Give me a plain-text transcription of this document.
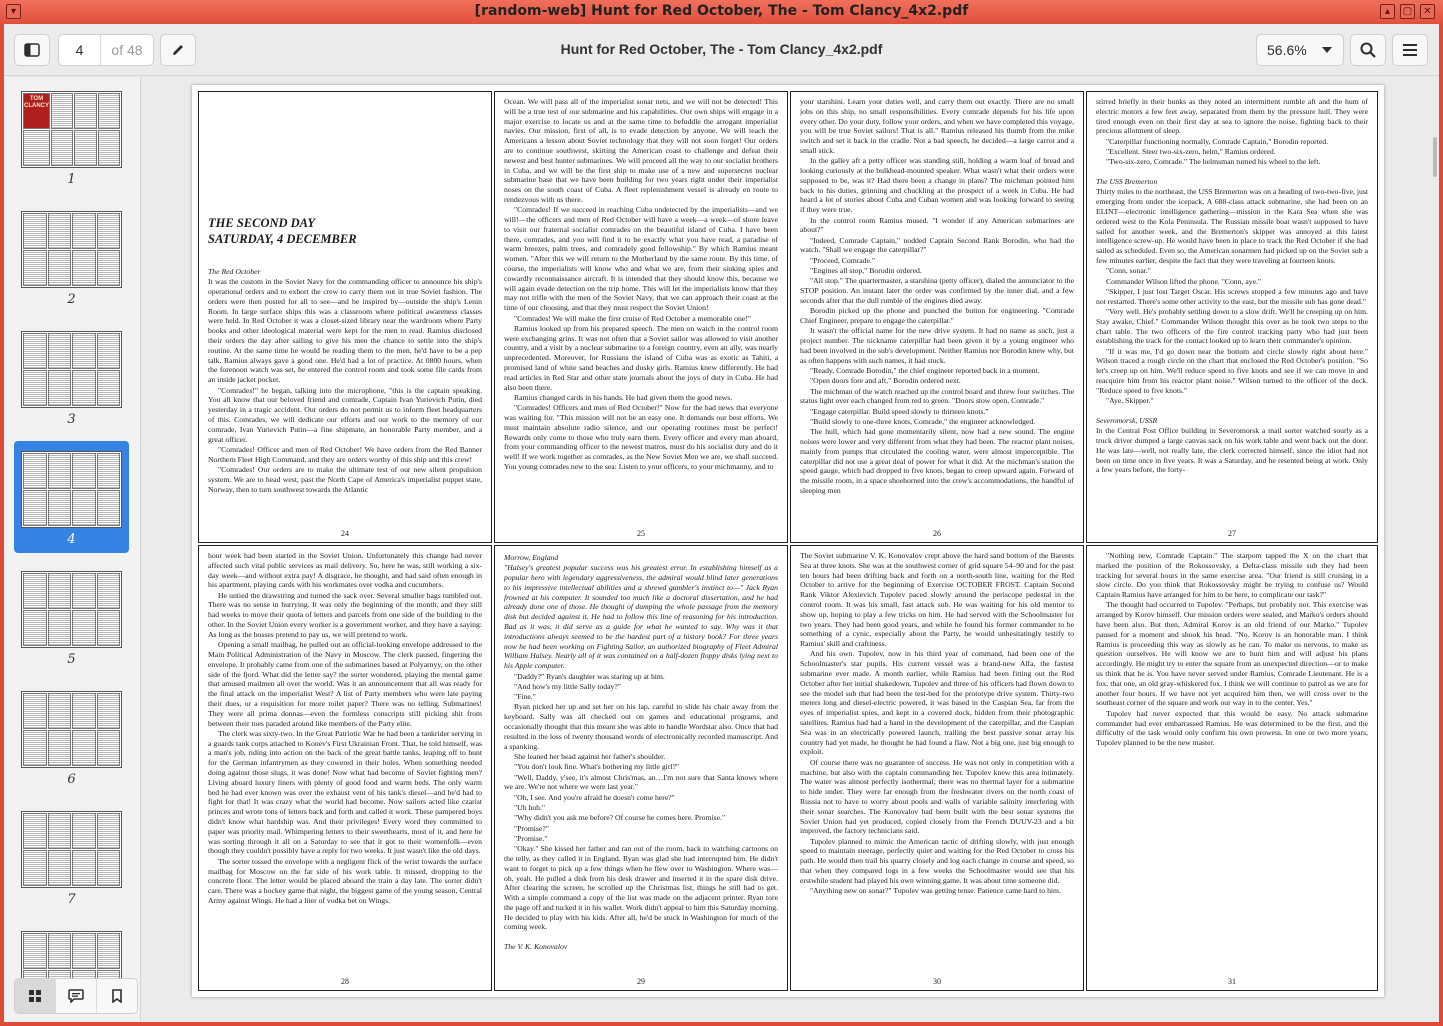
▾	[random-web] Hunt for Red October, The - Tom Clancy_4x2.pdf	▴	▢	✕
4	of 48	Hunt for Red October, The - Tom Clancy_4x2.pdf	56.6%
TOM
CLANCY
1
2
3
4
5
6
7
THE SECOND DAY
SATURDAY, 4 DECEMBER

The Red October

It was the custom in the Soviet Navy for the commanding officer to announce his ship's operational orders and to exhort the crew to carry them out in true Soviet fashion. The orders were then posted for all to see—and be inspired by—outside the ship's Lenin Room. In large surface ships this was a classroom where political awareness classes were held. In Red October it was a closet-sized library near the wardroom where Party books and other ideological material were kept for the men to read. Ramius disclosed their orders the day after sailing to give his men the chance to settle into the ship's routine. At the same time he would be reading them to the men, he'd have to be a pep talk. Ramius always gave a good one. He'd had a lot of practice. At 0800 hours, when the forenoon watch was set, he entered the control room and took some file cards from an inside jacket pocket.

"Comrades!" he began, talking into the microphone, "this is the captain speaking. You all know that our beloved friend and comrade, Captain Ivan Yurievich Putin, died yesterday in a tragic accident. Our orders do not permit us to inform fleet headquarters of this. Comrades, we will dedicate our efforts and our work to the memory of our comrade, Ivan Yurievich Putin—a fine shipmate, an honorable Party member, and a great officer.

"Comrades! Officer and men of Red October! We have orders from the Red Banner Northern Fleet High Command, and they are orders worthy of this ship and this crew!

"Comrades! Our orders are to make the ultimate test of our new silent propulsion system. We are to head west, past the North Cape of America's imperialist puppet state, Norway, then to turn southwest towards the Atlantic

24

Ocean. We will pass all of the imperialist sonar nets, and we will not be detected! This will be a true test of our submarine and his capabilities. Our own ships will engage in a major exercise to locate us and at the same time to befuddle the arrogant imperialist navies. Our mission, first of all, is to evade detection by anyone. We will teach the Americans a lesson about Soviet technology that they will not soon forget! Our orders are to continue southwest, skirting the American coast to challenge and defeat their newest and best hunter submarines. We will proceed all the way to our socialist brothers in Cuba, and we will be the first ship to make use of a new and supersecret nuclear submarine base that we have been building for two years right under their imperialist noses on the south coast of Cuba. A fleet replenishment vessel is already en route to rendezvous with us there.

"Comrades! If we succeed in reaching Cuba undetected by the imperialists—and we will!—the officers and men of Red October will have a week—a week—of shore leave to visit our fraternal socialist comrades on the beautiful island of Cuba. I have been there, comrades, and you will find it to be exactly what you have read, a paradise of warm breezes, palm trees, and comradely good fellowship." By which Ramius meant women. "After this we will return to the Motherland by the same route. By this time, of course, the imperialists will know who and what we are, from their sinking spies and cowardly reconnaissance aircraft. It is intended that they should know this, because we will again evade detection on the trip home. This will let the imperialists know that they may not trifle with the men of the Soviet Navy, that we can approach their coast at the time of our choosing, and that they must respect the Soviet Union!

"Comrades! We will make the first cruise of Red October a memorable one!"

Ramius looked up from his prepared speech. The men on watch in the control room were exchanging grins. It was not often that a Soviet sailor was allowed to visit another country, and a visit by a nuclear submarine to a foreign country, even an ally, was nearly unprecedented. Moreover, for Russians the island of Cuba was as exotic as Tahiti, a promised land of white sand beaches and dusky girls. Ramius knew differently. He had read articles in Red Star and other state journals about the joys of duty in Cuba. He had also been there.

Ramius changed cards in his hands. He had given them the good news.

"Comrades! Officers and men of Red October!" Now for the bad news that everyone was waiting for. "This mission will not be an easy one. It demands our best efforts. We must maintain absolute radio silence, and our operating routines must be perfect! Rewards only come to those who truly earn them. Every officer and every man aboard, from your commanding officer to the newest matros, must do his socialist duty and do it well! If we work together as comrades, as the New Soviet Men we are, we shall succeed. You young comrades new to the sea: Listen to your officers, to your michmanny, and to

25

your starshini. Learn your duties well, and carry them out exactly. There are no small jobs on this ship, no small responsibilities. Every comrade depends for his life upon every other. Do your duty, follow your orders, and when we have completed this voyage, you will be true Soviet sailors! That is all." Ramius released his thumb from the mike switch and set it back in the cradle. Not a bad speech, he decided—a large carrot and a small stick.

In the galley aft a petty officer was standing still, holding a warm loaf of bread and looking curiously at the bulkhead-mounted speaker. What wasn't what their orders were supposed to be, was it? Had there been a change in plans? The michman pointed him back to his duties, grinning and chuckling at the prospect of a week in Cuba. He had heard a lot of stories about Cuba and Cuban women and was looking forward to seeing if they were true.

In the control room Ramius mused. "I wonder if any American submarines are about?"

"Indeed, Comrade Captain," nodded Captain Second Rank Borodin, who had the watch. "Shall we engage the caterpillar?"

"Proceed, Comrade."

"Engines all stop," Borodin ordered.

"All stop." The quartermaster, a starshina (petty officer), dialed the annunciator to the STOP position. An instant later the order was confirmed by the inner dial, and a few seconds after that the dull rumble of the engines died away.

Borodin picked up the phone and punched the button for engineering. "Comrade Chief Engineer, prepare to engage the caterpillar."

It wasn't the official name for the new drive system. It had no name as such, just a project number. The nickname caterpillar had been given it by a young engineer who had been involved in the sub's development. Neither Ramius nor Borodin knew why, but as often happens with such names, it had stuck.

"Ready, Comrade Borodin," the chief engineer reported back in a moment.

"Open doors fore and aft," Borodin ordered next.

The michman of the watch reached up the control board and threw four switches. The status light over each changed from red to green. "Doors stow open, Comrade."

"Engage caterpillar. Build speed slowly to thirteen knots."

"Build slowly to one-three knots, Comrade," the engineer acknowledged.

The hull, which had gone momentarily silent, now had a new sound. The engine noises were lower and very different from what they had been. The reactor plant noises, mainly from pumps that circulated the cooling water, were almost imperceptible. The caterpillar did not use a great deal of power for what it did. At the michman's station the speed gauge, which had dropped to five knots, began to creep upward again. Forward of the missile room, in a space shoehorned into the crew's accommodations, the handful of sleeping men

26

stirred briefly in their bunks as they noted an intermittent rumble aft and the hum of electric motors a few feet away, separated from them by the pressure hull. They were tired enough even on their first day at sea to ignore the noise, fighting back to their precious allotment of sleep.

"Caterpillar functioning normally, Comrade Captain," Borodin reported.

"Excellent. Steer two-six-zero, helm," Ramius ordered.

"Two-six-zero, Comrade." The helmsman turned his wheel to the left.

The USS Bremerton

Thirty miles to the northeast, the USS Bremerton was on a heading of two-two-five, just emerging from under the icepack. A 688-class attack submarine, she had been on an ELINT—electronic intelligence gathering—mission in the Kara Sea when she was ordered west to the Kola Peninsula. The Russian missile boat wasn't supposed to have sailed for another week, and the Bremerton's skipper was annoyed at this latest intelligence screw-up. He would have been in place to track the Red October if she had sailed as scheduled. Even so, the American sonarmen had picked up on the Soviet sub a few minutes earlier, despite the fact that they were traveling at fourteen knots.

"Conn, sonar."

Commander Wilson lifted the phone. "Conn, aye."

"Skipper, I just lost Target Oscar. His screws stopped a few minutes ago and have not restarted. There's some other activity to the east, but the missile sub has gone dead."

"Very well. He's probably settling down to a slow drift. We'll be creeping up on him. Stay awake, Chief." Commander Wilson thought this over as he took two steps to the chart table. The two officers of the fire control tracking party who had just been establishing the track for the contact looked up to learn their commander's opinion.

"If it was me, I'd go down near the bottom and circle slowly right about here." Wilson traced a rough circle on the chart that enclosed the Red October's position. "So let's creep up on him. We'll reduce speed to five knots and see if we can move in and reacquire him from his reactor plant noise." Wilson turned to the officer of the deck. "Reduce speed to five knots."

"Aye, Skipper."

Severomorsk, USSR

In the Central Post Office building in Severomorsk a mail sorter watched sourly as a truck driver dumped a large canvas sack on his work table and went back out the door. He was late—well, not really late, the clerk corrected himself, since the idiot had not been on time once in five years. It was a Saturday, and he resented being at work. Only a few years before, the forty-

27

hour week had been started in the Soviet Union. Unfortunately this change had never affected such vital public services as mail delivery. So, here he was, still working a six-day week—and without extra pay! A disgrace, he thought, and had said often enough in his apartment, playing cards with his workmates over vodka and cucumbers.

He untied the drawstring and turned the sack over. Several smaller bags tumbled out. There was no sense in hurrying. It was only the beginning of the month, and they still had weeks to move their quota of letters and parcels from one side of the building to the other. In the Soviet Union every worker is a government worker, and they have a saying: As long as the bosses pretend to pay us, we will pretend to work.

Opening a small mailbag, he pulled out an official-looking envelope addressed to the Main Political Administration of the Navy in Moscow. The clerk paused, fingering the envelope. It probably came from one of the submarines based at Polyarnyy, on the other side of the fjord. What did the letter say? the sorter wondered, playing the mental game that amused mailmen all over the world. Was it an announcement that all was ready for the final attack on the imperialist West? A list of Party members who were late paying their dues, or a requisition for more toilet paper? There was no telling. Submarines! They were all prima donnas—even the formless conscripts still picking shit from between their toes paraded around like members of the Party elite.

The clerk was sixty-two. In the Great Patriotic War he had been a tankrider serving in a guards tank corps attached to Konev's First Ukrainian Front. That, he told himself, was a man's job, riding into action on the back of the great battle tanks, leaping off to hunt for the German infantrymen as they cowered in their holes. When something needed doing against those slugs, it was done! Now what had become of Soviet fighting men? Living aboard luxury liners with plenty of good food and warm beds. The only warm bed he had ever known was over the exhaust vent of his tank's diesel—and he'd had to fight for that! It was crazy what the world had become. Now sailors acted like czarist princes and wrote tons of letters back and forth and called it work. These pampered boys didn't know what hardship was. And their privileges! Every word they committed to paper was priority mail. Whimpering letters to their sweethearts, most of it, and here he was sorting through it all on a Saturday to see that it got to their womenfolk—even though they couldn't possibly have a reply for two weeks. It just wasn't like the old days.

The sorter tossed the envelope with a negligent flick of the wrist towards the surface mailbag for Moscow on the far side of his work table. It missed, dropping to the concrete floor. The letter would be placed aboard the train a day late. The sorter didn't care. There was a hockey game that night, the biggest game of the young season, Central Army against Wings. He had a liter of vodka bet on Wings.

28

Morrow, England

"Halsey's greatest popular success was his greatest error. In establishing himself as a popular hero with legendary aggressiveness, the admiral would blind later generations to his impressive intellectual abilities and a shrewd gambler's instinct to—" Jack Ryan frowned at his computer. It sounded too much like a doctoral dissertation, and he had already done one of those. He thought of dumping the whole passage from the memory disk but decided against it. He had to follow this line of reasoning for his introduction. Bad as it was, it did serve as a guide for what he wanted to say. Why was it that introductions always seemed to be the hardest part of a history book? For three years now he had been working on Fighting Sailor, an authorized biography of Fleet Admiral William Halsey. Nearly all of it was contained on a half-dozen floppy disks lying next to his Apple computer.

"Daddy?" Ryan's daughter was staring up at him.

"And how's my little Sally today?"

"Fine."

Ryan picked her up and set her on his lap, careful to slide his chair away from the keyboard. Sally was all checked out on games and educational programs, and occasionally thought that this meant she was able to handle Wordstar also. Once that had resulted in the loss of twenty thousand words of electronically recorded manuscript. And a spanking.

She leaned her head against her father's shoulder.

"You don't look fine. What's bothering my little girl?"

"Well, Daddy, y'see, it's almost Chris'mas, an…I'm not sure that Santa knows where we are. We're not where we were last year."

"Oh, I see. And you're afraid he doesn't come here?"

"Uh huh."

"Why didn't you ask me before? Of course he comes here. Promise."

"Promise?"

"Promise."

"Okay." She kissed her father and ran out of the room, back to watching cartoons on the telly, as they called it in England. Ryan was glad she had interrupted him. He didn't want to forget to pick up a few things when he flew over to Washington. Where was—oh, yeah. He pulled a disk from his desk drawer and inserted it in the spare disk drive. After clearing the screen, he scrolled up the Christmas list, things he still had to get. With a simple command a copy of the list was made on the adjacent printer. Ryan tore the page off and tucked it in his wallet. Work didn't appeal to him this Saturday morning. He decided to play with his kids. After all, he'd be stuck in Washington for much of the coming week.

The V. K. Konovalov

29

The Soviet submarine V. K. Konovalov crept above the hard sand bottom of the Barents Sea at three knots. She was at the southwest corner of grid square 54–90 and for the past ten hours had been drifting back and forth on a north-south line, waiting for the Red October to arrive for the beginning of Exercise OCTOBER FROST. Captain Second Rank Viktor Alexievich Tupolev paced slowly around the periscope pedestal in the control room. It was his small, fast attack sub. He was waiting for his old mentor to show up, hoping to play a few tricks on him. He had served with the Schoolmaster for two years. They had been good years, and while he found his former commander to be something of a cynic, especially about the Party, he would unhesitatingly testify to Ramius' skill and craftiness.

And his own. Tupolev, now in his third year of command, had been one of the Schoolmaster's star pupils. His current vessel was a brand-new Alfa, the fastest submarine ever made. A month earlier, while Ramius had been fitting out the Red October after her initial shakedown, Tupolev and three of his officers had flown down to see the model sub that had been the test-bed for the prototype drive system. Thirty-two meters long and diesel-electric powered, it was based in the Caspian Sea, far from the eyes of imperialist spies, and kept in a covered dock, hidden from their photographic satellites. Ramius had had a hand in the development of the caterpillar, and the Caspian Sea was in an electrically powered launch, trailing the best passive sonar array his country had yet made, he thought he had found a flaw. Not a big one, just big enough to exploit.

Of course there was no guarantee of success. He was not only in competition with a machine, but also with the captain commanding her. Tupolev knew this area intimately. The water was almost perfectly isothermal; there was no thermal layer for a submarine to hide under. They were far enough from the freshwater rivers on the north coast of Russia not to have to worry about pools and walls of variable salinity interfering with their sonar searches. The Konovalov had been built with the best sonar systems the Soviet Union had yet produced, copied closely from the French DUUV-23 and a bit improved, the factory technicians said.

Tupolev planned to mimic the American tactic of drifting slowly, with just enough speed to maintain steerage, perfectly quiet and waiting for the Red October to cross his path. He would then trail his quarry closely and log each change in course and speed, so that when they compared logs in a few weeks the Schoolmaster would see that his erstwhile student had played his own winning game. It was about time someone did.

"Anything new on sonar?" Tupolev was getting tense. Patience came hard to him.

30

"Nothing new, Comrade Captain." The starpom tapped the X on the chart that marked the position of the Rokossovsky, a Delta-class missile sub they had been tracking for several hours in the same exercise area. "Our friend is still cruising in a slow circle. Do you think that Rokossovsky might be trying to confuse us? Would Captain Ramius have arranged for him to be here, to complicate our task?"

The thought had occurred to Tupolev. "Perhaps, but probably not. This exercise was arranged by Korov himself. Our mission orders were sealed, and Marko's orders should have been also. But then, Admiral Korov is an old friend of our Marko." Tupolev paused for a moment and shook his head. "No. Korov is an honorable man. I think Ramius is proceeding this way as slowly as he can. To make us nervous, to make us question ourselves. He will know we are to hunt him and will adjust his plans accordingly. He might try to enter the square from an unexpected direction—or to make us think that he is. You have never served under Ramius, Comrade Lieutenant. He is a fox, that one, an old gray-whiskered fox. I think we will continue to patrol as we are for another four hours. If we have not yet acquired him then, we will cross over to the southeast corner of the square and work our way in to the center. Yes."

Tupolev had never expected that this would be easy. No attack submarine commander had ever embarrassed Ramius. He was determined to be the first, and the difficulty of the task would only confirm his own prowess. In one or two more years, Tupolev planned to be the new master.

31
